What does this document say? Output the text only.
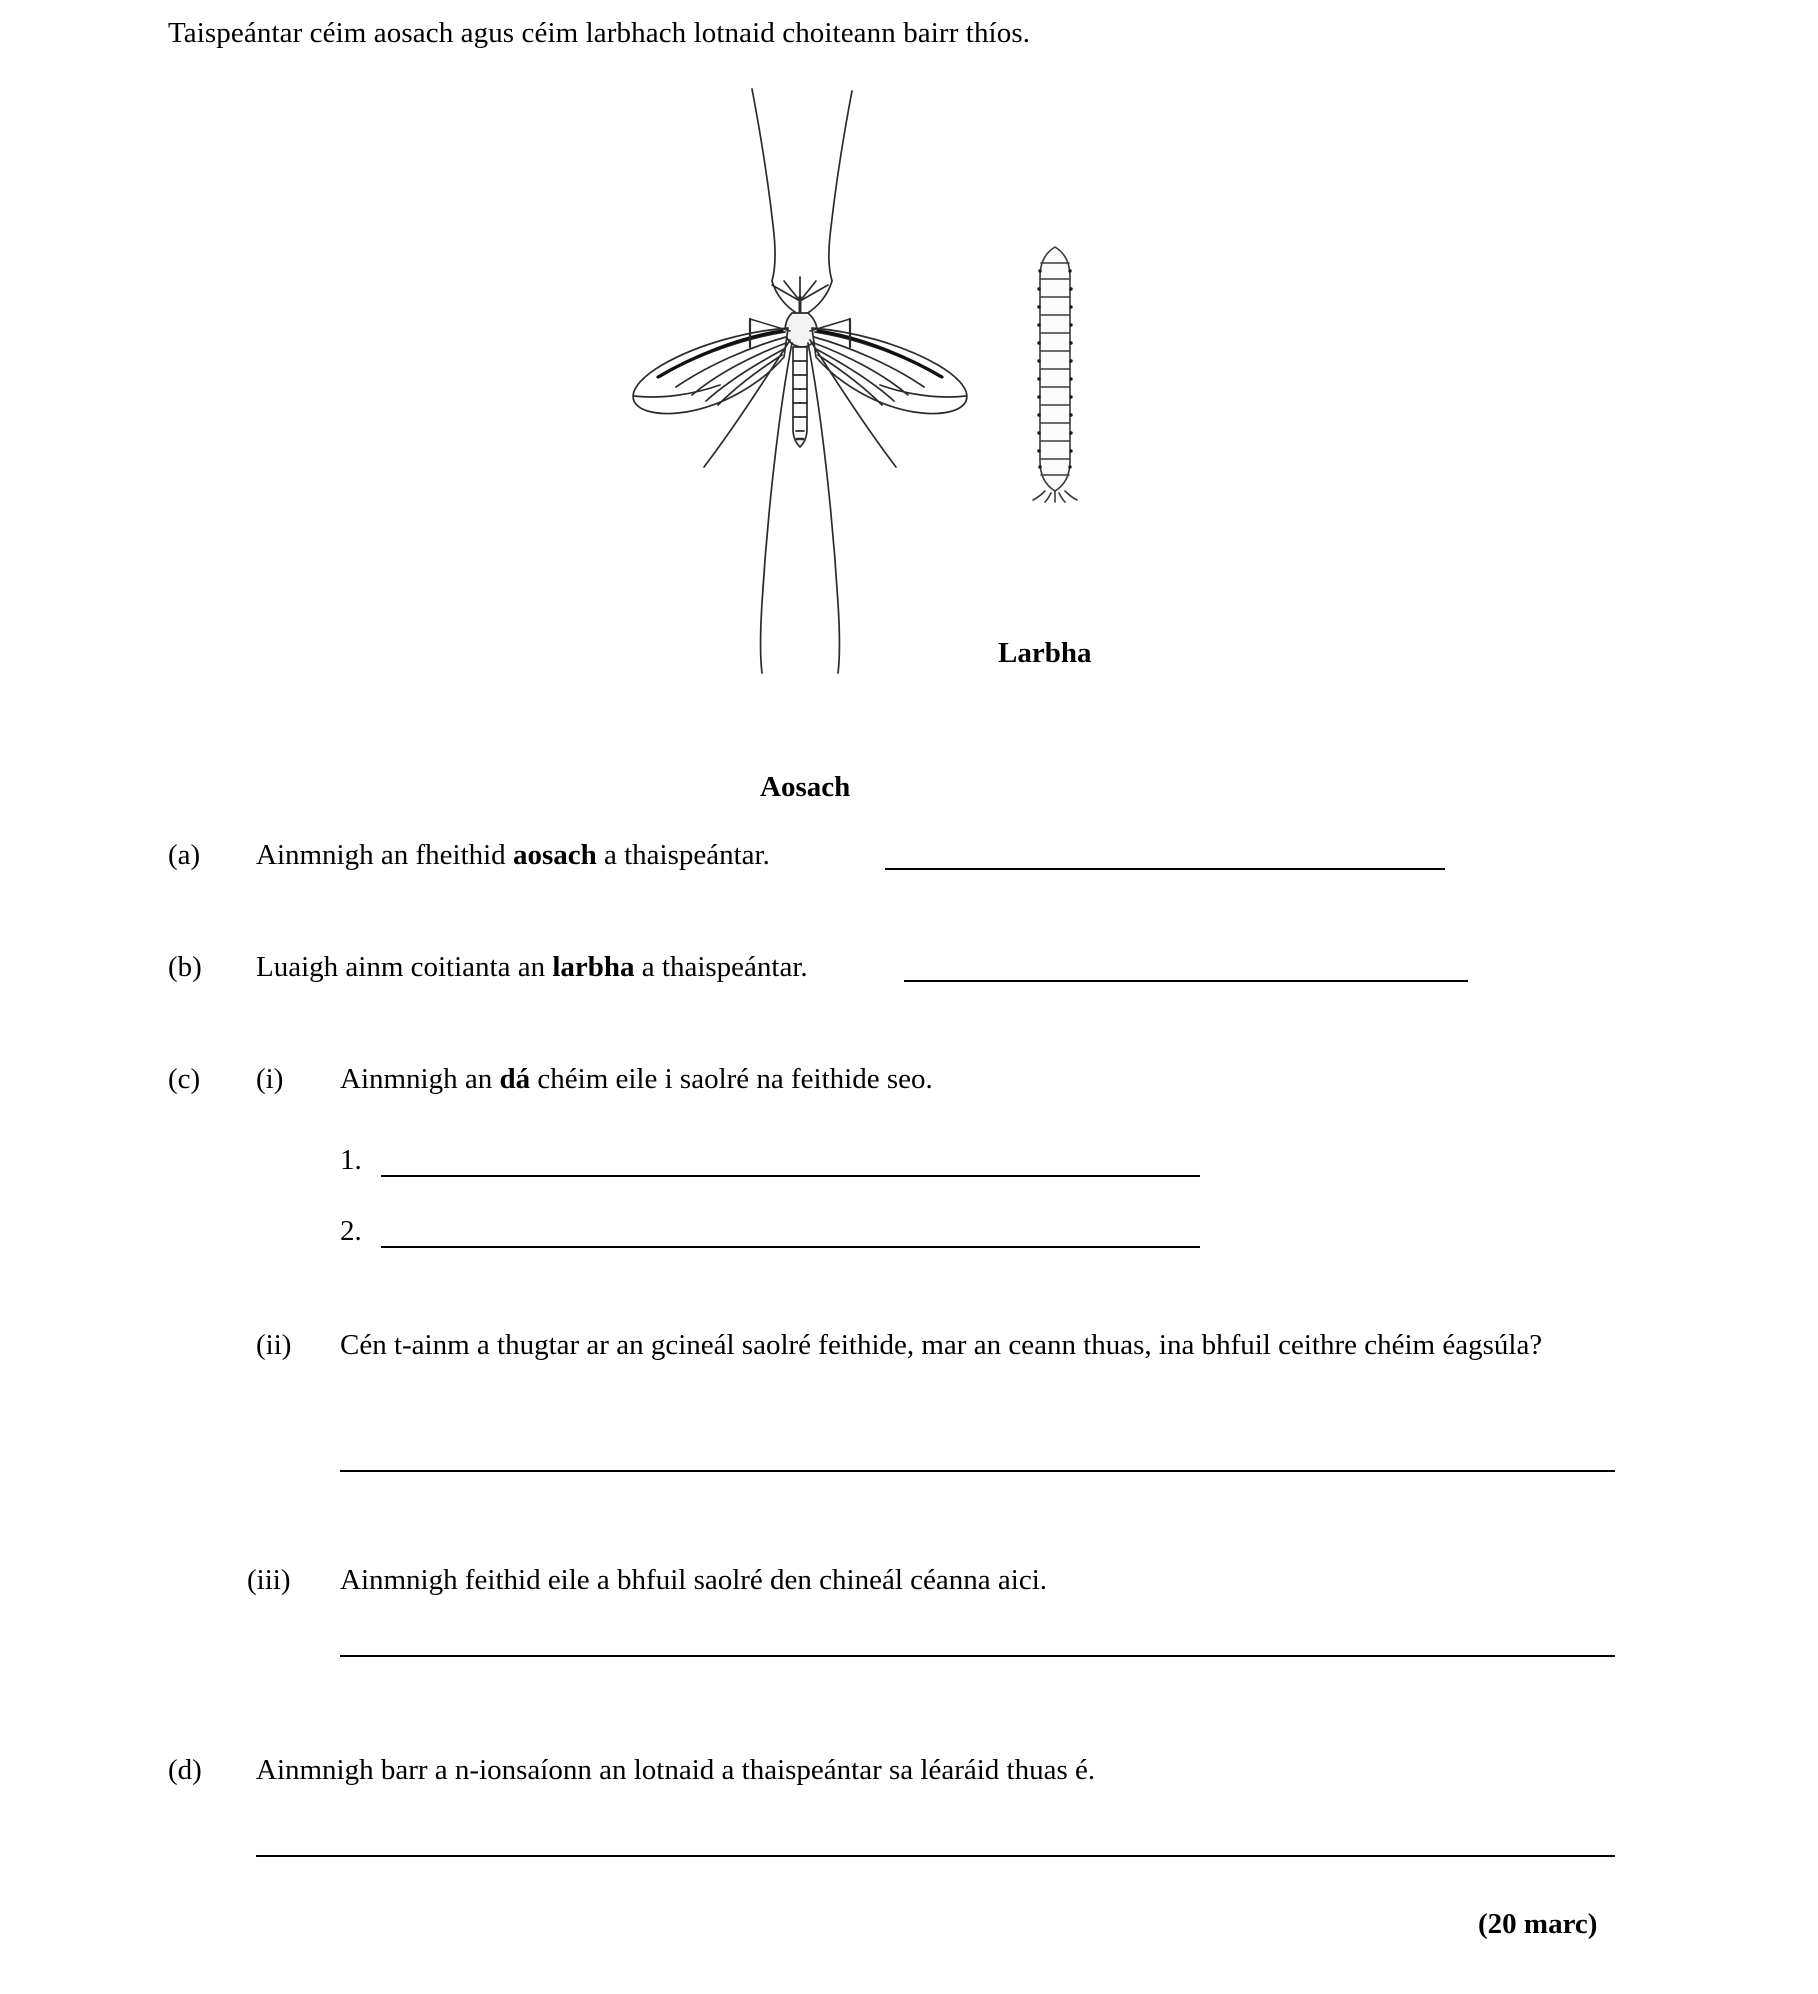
Taispeántar céim aosach agus céim larbhach lotnaid choiteann bairr thíos.
Larbha
Aosach
(a) Ainmnigh an fheithid aosach a thaispeántar.
(b) Luaigh ainm coitianta an larbha a thaispeántar.
(c) (i) Ainmnigh an dá chéim eile i saolré na feithide seo.
1.
2.
(ii) Cén t-ainm a thugtar ar an gcineál saolré feithide, mar an ceann thuas, ina bhfuil ceithre chéim éagsúla?
(iii) Ainmnigh feithid eile a bhfuil saolré den chineál céanna aici.
(d) Ainmnigh barr a n-ionsaíonn an lotnaid a thaispeántar sa léaráid thuas é.
(20 marc)
